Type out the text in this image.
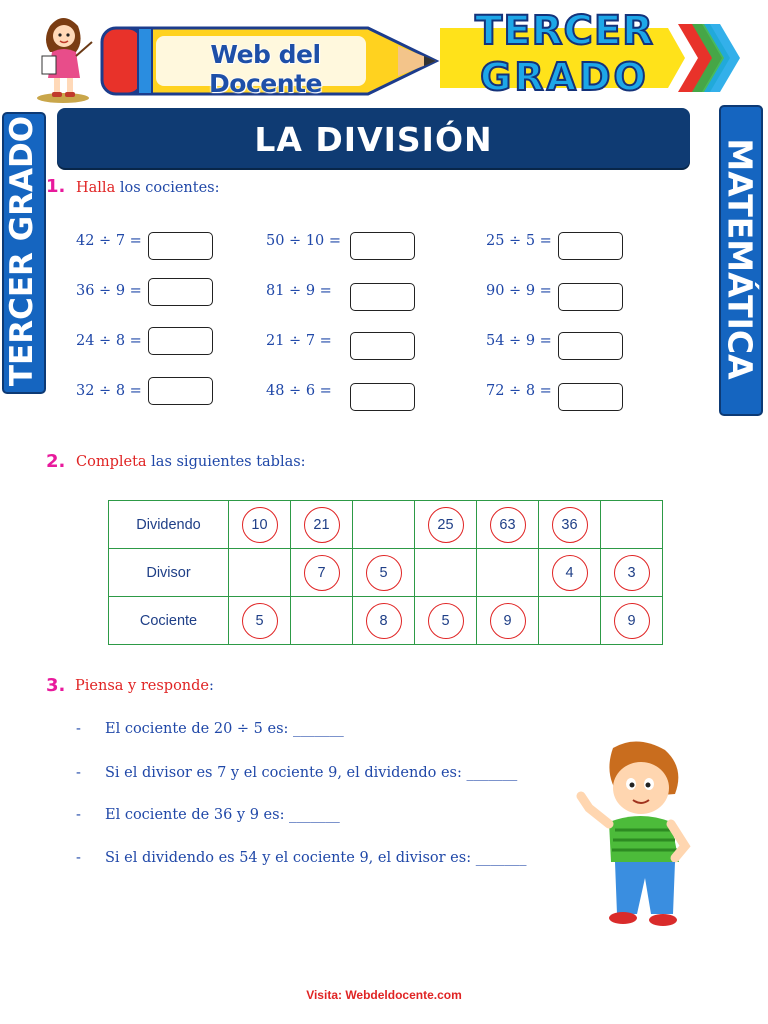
Web del Docente
TERCER
GRADO
LA DIVISIÓN
TERCER GRADO	MATEMÁTICA
1. Halla los cocientes:
42 ÷ 7 =
36 ÷ 9 =
24 ÷ 8 =
32 ÷ 8 =
50 ÷ 10 =
81 ÷ 9 =
21 ÷ 7 =
48 ÷ 6 =
25 ÷ 5 =
90 ÷ 9 =
54 ÷ 9 =
72 ÷ 8 =
2. Completa las siguientes tablas:
Dividendo	10	21		25	63	36	
Divisor		7	5			4	3
Cociente	5		8	5	9		9
3. Piensa y responde:
- El cociente de 20 ÷ 5 es: _______
- Si el divisor es 7 y el cociente 9, el dividendo es: _______
- El cociente de 36 y 9 es: _______
- Si el dividendo es 54 y el cociente 9, el divisor es: _______
Visita: Webdeldocente.com
